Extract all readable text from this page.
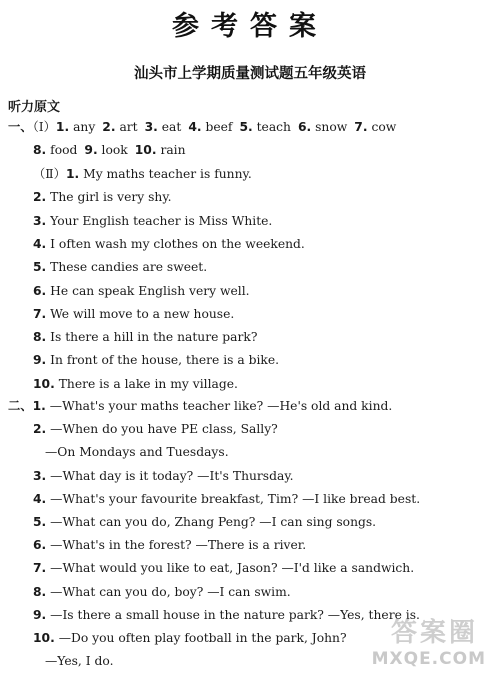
参考答案
汕头市上学期质量测试题五年级英语
听力原文
一、（Ⅰ）1. any 2. art 3. eat 4. beef 5. teach 6. snow 7. cow
8. food 9. look 10. rain
（Ⅱ）1. My maths teacher is funny.
2. The girl is very shy.
3. Your English teacher is Miss White.
4. I often wash my clothes on the weekend.
5. These candies are sweet.
6. He can speak English very well.
7. We will move to a new house.
8. Is there a hill in the nature park?
9. In front of the house, there is a bike.
10. There is a lake in my village.
二、1. —What's your maths teacher like? —He's old and kind.
2. —When do you have PE class, Sally?
—On Mondays and Tuesdays.
3. —What day is it today? —It's Thursday.
4. —What's your favourite breakfast, Tim? —I like bread best.
5. —What can you do, Zhang Peng? —I can sing songs.
6. —What's in the forest? —There is a river.
7. —What would you like to eat, Jason? —I'd like a sandwich.
8. —What can you do, boy? —I can swim.
9. —Is there a small house in the nature park? —Yes, there is.
10. —Do you often play football in the park, John?
—Yes, I do.
答案圈
MXQE.COM
